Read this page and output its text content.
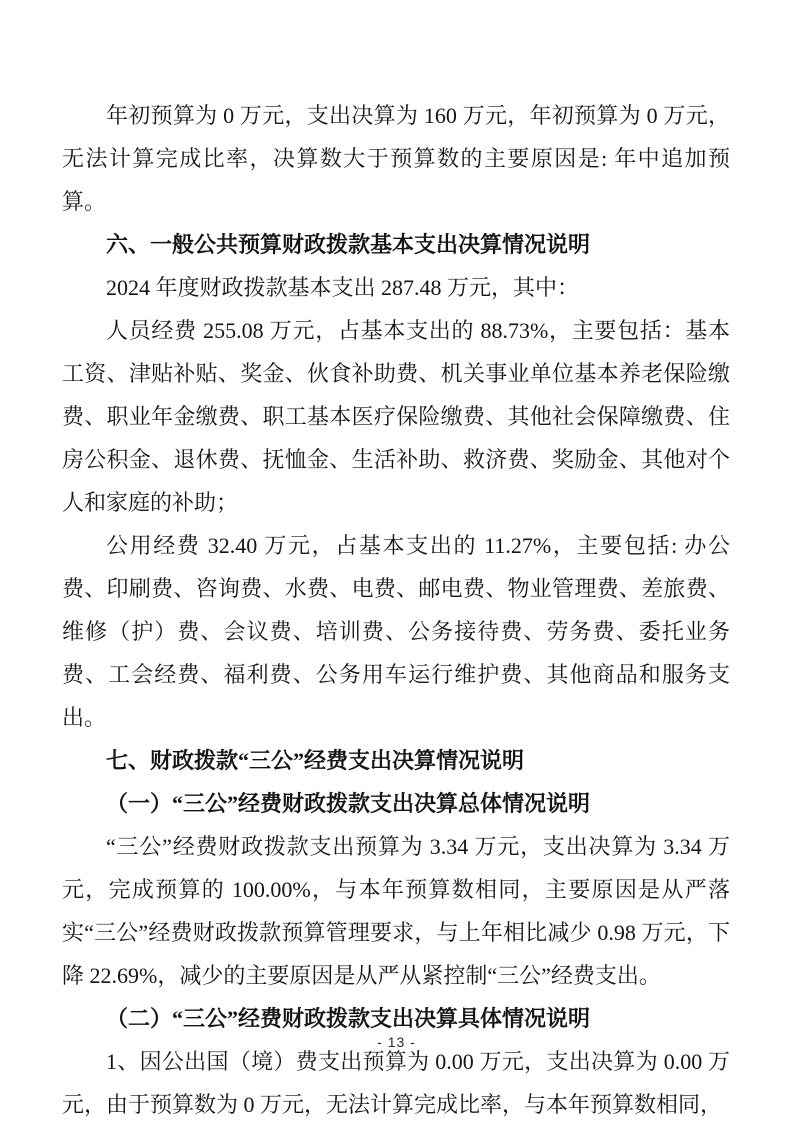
年初预算为 0 万元，支出决算为 160 万元，年初预算为 0 万元，无法计算完成比率，决算数大于预算数的主要原因是: 年中追加预算。

六、一般公共预算财政拨款基本支出决算情况说明

2024 年度财政拨款基本支出 287.48 万元，其中：

人员经费 255.08 万元，占基本支出的 88.73%，主要包括：基本工资、津贴补贴、奖金、伙食补助费、机关事业单位基本养老保险缴费、职业年金缴费、职工基本医疗保险缴费、其他社会保障缴费、住房公积金、退休费、抚恤金、生活补助、救济费、奖励金、其他对个人和家庭的补助；

公用经费 32.40 万元，占基本支出的 11.27%，主要包括: 办公费、印刷费、咨询费、水费、电费、邮电费、物业管理费、差旅费、维修（护）费、会议费、培训费、公务接待费、劳务费、委托业务费、工会经费、福利费、公务用车运行维护费、其他商品和服务支出。

七、财政拨款“三公”经费支出决算情况说明

（一）“三公”经费财政拨款支出决算总体情况说明

“三公”经费财政拨款支出预算为 3.34 万元，支出决算为 3.34 万元，完成预算的 100.00%，与本年预算数相同，主要原因是从严落实“三公”经费财政拨款预算管理要求，与上年相比减少 0.98 万元，下降 22.69%，减少的主要原因是从严从紧控制“三公”经费支出。

（二）“三公”经费财政拨款支出决算具体情况说明

1、因公出国（境）费支出预算为 0.00 万元，支出决算为 0.00 万元，由于预算数为 0 万元，无法计算完成比率，与本年预算数相同，

- 13 -
